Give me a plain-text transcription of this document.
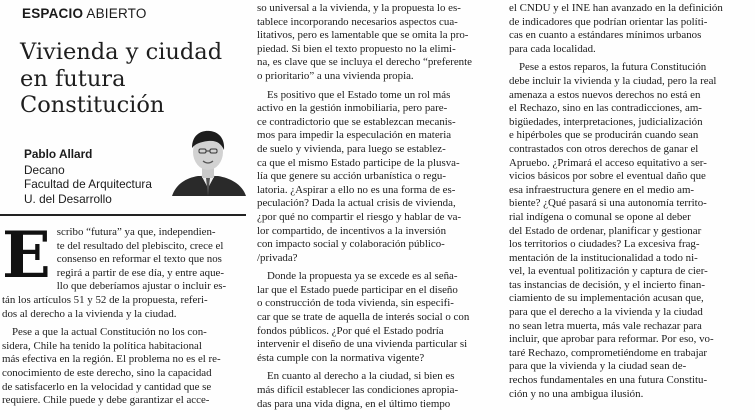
ESPACIO ABIERTO
Vivienda y ciudad
en futura
Constitución
Pablo Allard
Decano
Facultad de Arquitectura
U. del Desarrollo
E scribo “futura” ya que, independien-

te del resultado del plebiscito, crece el

consenso en reformar el texto que nos

regirá a partir de ese día, y entre aque-

llo que deberíamos ajustar o incluir es-

tán los artículos 51 y 52 de la propuesta, referi-

dos al derecho a la vivienda y la ciudad.

Pese a que la actual Constitución no los con-

sidera, Chile ha tenido la política habitacional

más efectiva en la región. El problema no es el re-

conocimiento de este derecho, sino la capacidad

de satisfacerlo en la velocidad y cantidad que se

requiere. Chile puede y debe garantizar el acce-

so universal a la vivienda, y la propuesta lo es-

tablece incorporando necesarios aspectos cua-

litativos, pero es lamentable que se omita la pro-

piedad. Si bien el texto propuesto no la elimi-

na, es clave que se incluya el derecho “preferente

o prioritario” a una vivienda propia.

Es positivo que el Estado tome un rol más

activo en la gestión inmobiliaria, pero pare-

ce contradictorio que se establezcan mecanis-

mos para impedir la especulación en materia

de suelo y vivienda, para luego se establez-

ca que el mismo Estado participe de la plusva-

lía que genere su acción urbanística o regu-

latoria. ¿Aspirar a ello no es una forma de es-

peculación? Dada la actual crisis de vivienda,

¿por qué no compartir el riesgo y hablar de va-

lor compartido, de incentivos a la inversión

con impacto social y colaboración público-

/privada?

Donde la propuesta ya se excede es al seña-

lar que el Estado puede participar en el diseño

o construcción de toda vivienda, sin especifi-

car que se trate de aquella de interés social o con

fondos públicos. ¿Por qué el Estado podría

intervenir el diseño de una vivienda particular si

ésta cumple con la normativa vigente?

En cuanto al derecho a la ciudad, si bien es

más difícil establecer las condiciones apropia-

das para una vida digna, en el último tiempo

el CNDU y el INE han avanzado en la definición

de indicadores que podrían orientar las políti-

cas en cuanto a estándares mínimos urbanos

para cada localidad.

Pese a estos reparos, la futura Constitución

debe incluir la vivienda y la ciudad, pero la real

amenaza a estos nuevos derechos no está en

el Rechazo, sino en las contradicciones, am-

bigüedades, interpretaciones, judicialización

e hipérboles que se producirán cuando sean

contrastados con otros derechos de ganar el

Apruebo. ¿Primará el acceso equitativo a ser-

vicios básicos por sobre el eventual daño que

esa infraestructura genere en el medio am-

biente? ¿Qué pasará si una autonomía territo-

rial indígena o comunal se opone al deber

del Estado de ordenar, planificar y gestionar

los territorios o ciudades? La excesiva frag-

mentación de la institucionalidad a todo ni-

vel, la eventual politización y captura de cier-

tas instancias de decisión, y el incierto finan-

ciamiento de su implementación acusan que,

para que el derecho a la vivienda y la ciudad

no sean letra muerta, más vale rechazar para

incluir, que aprobar para reformar. Por eso, vo-

taré Rechazo, comprometiéndome en trabajar

para que la vivienda y la ciudad sean de-

rechos fundamentales en una futura Constitu-

ción y no una ambigua ilusión.
